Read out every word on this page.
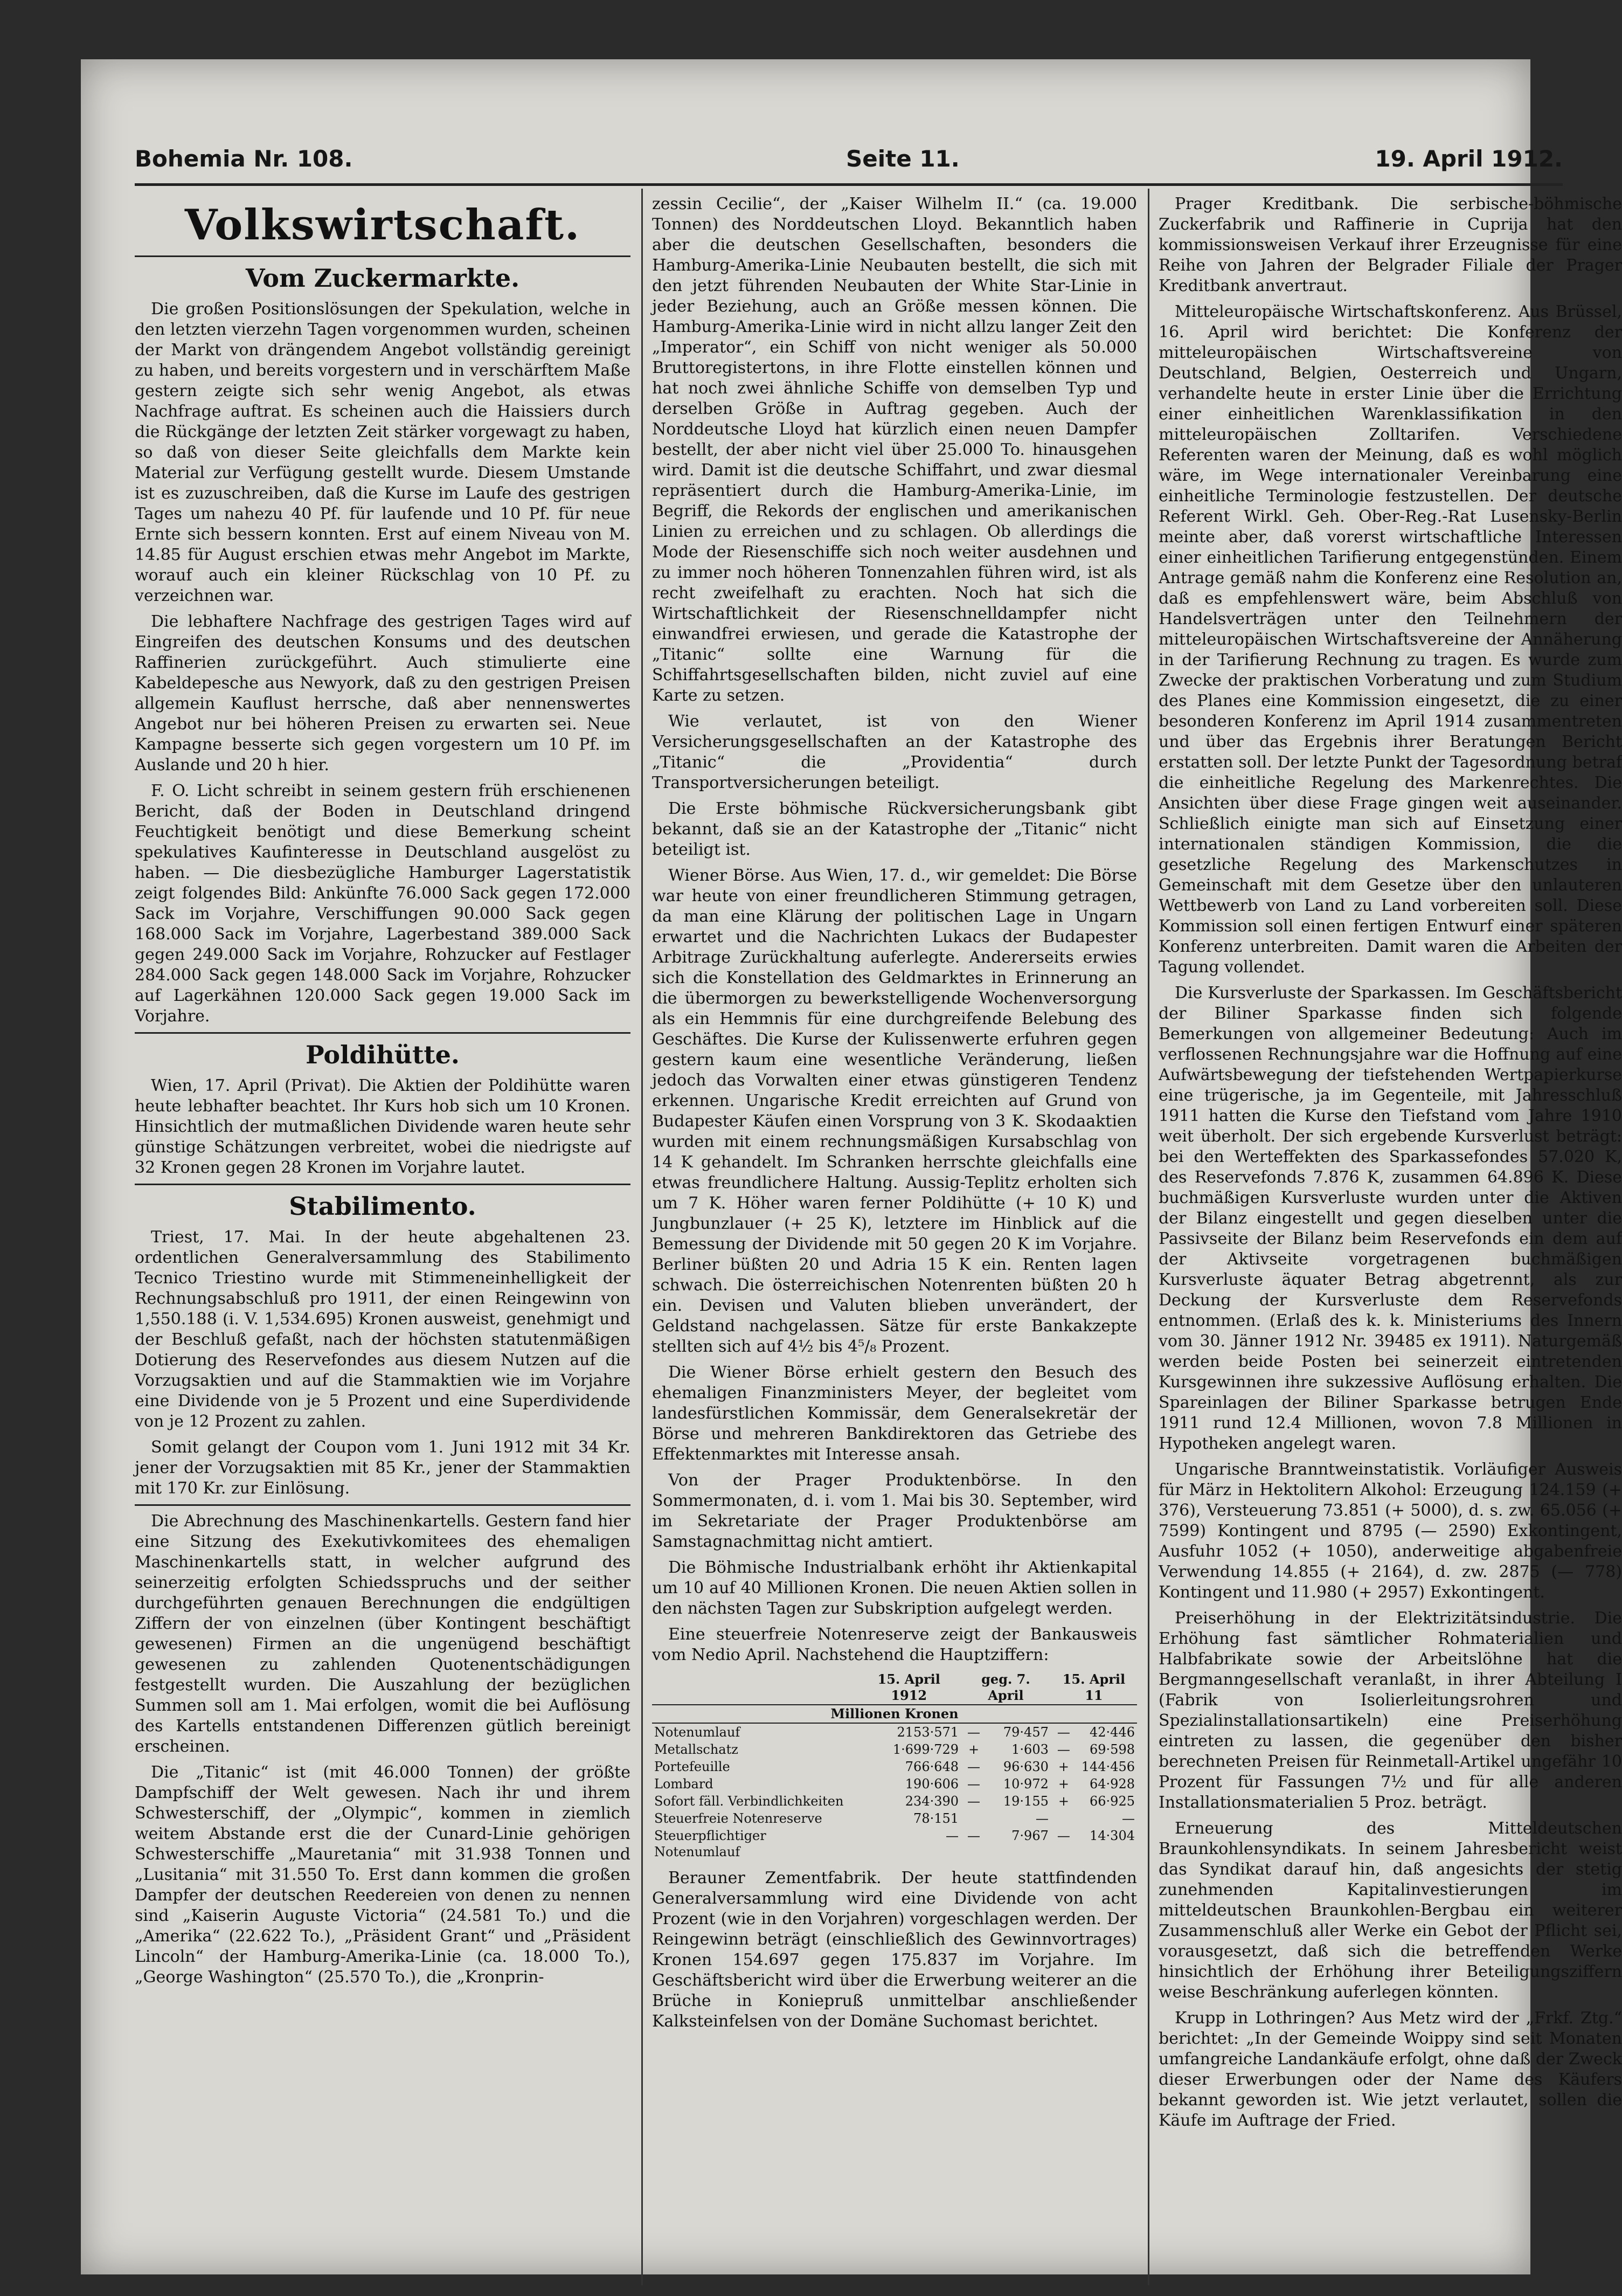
Bohemia Nr. 108.	Seite 11.	19. April 1912.
Volkswirtschaft.
Vom Zuckermarkte.

Die großen Positionslösungen der Spekulation, welche in den letzten vierzehn Tagen vorgenommen wurden, scheinen der Markt von drängendem Angebot vollständig gereinigt zu haben, und bereits vorgestern und in verschärftem Maße gestern zeigte sich sehr wenig Angebot, als etwas Nachfrage auftrat. Es scheinen auch die Haissiers durch die Rückgänge der letzten Zeit stärker vorgewagt zu haben, so daß von dieser Seite gleichfalls dem Markte kein Material zur Verfügung gestellt wurde. Diesem Umstande ist es zuzuschreiben, daß die Kurse im Laufe des gestrigen Tages um nahezu 40 Pf. für laufende und 10 Pf. für neue Ernte sich bessern konnten. Erst auf einem Niveau von M. 14.85 für August erschien etwas mehr Angebot im Markte, worauf auch ein kleiner Rückschlag von 10 Pf. zu verzeichnen war.

Die lebhaftere Nachfrage des gestrigen Tages wird auf Eingreifen des deutschen Konsums und des deutschen Raffinerien zurückgeführt. Auch stimulierte eine Kabeldepesche aus Newyork, daß zu den gestrigen Preisen allgemein Kauflust herrsche, daß aber nennenswertes Angebot nur bei höheren Preisen zu erwarten sei. Neue Kampagne besserte sich gegen vorgestern um 10 Pf. im Auslande und 20 h hier.

F. O. Licht schreibt in seinem gestern früh erschienenen Bericht, daß der Boden in Deutschland dringend Feuchtigkeit benötigt und diese Bemerkung scheint spekulatives Kaufinteresse in Deutschland ausgelöst zu haben. — Die diesbezügliche Hamburger Lagerstatistik zeigt folgendes Bild: Ankünfte 76.000 Sack gegen 172.000 Sack im Vorjahre, Verschiffungen 90.000 Sack gegen 168.000 Sack im Vorjahre, Lagerbestand 389.000 Sack gegen 249.000 Sack im Vorjahre, Rohzucker auf Festlager 284.000 Sack gegen 148.000 Sack im Vorjahre, Rohzucker auf Lagerkähnen 120.000 Sack gegen 19.000 Sack im Vorjahre.

Poldihütte.

Wien, 17. April (Privat). Die Aktien der Poldihütte waren heute lebhafter beachtet. Ihr Kurs hob sich um 10 Kronen. Hinsichtlich der mutmaßlichen Dividende waren heute sehr günstige Schätzungen verbreitet, wobei die niedrigste auf 32 Kronen gegen 28 Kronen im Vorjahre lautet.

Stabilimento.

Triest, 17. Mai. In der heute abgehaltenen 23. ordentlichen Generalversammlung des Stabilimento Tecnico Triestino wurde mit Stimmeneinhelligkeit der Rechnungsabschluß pro 1911, der einen Reingewinn von 1,550.188 (i. V. 1,534.695) Kronen ausweist, genehmigt und der Beschluß gefaßt, nach der höchsten statutenmäßigen Dotierung des Reservefondes aus diesem Nutzen auf die Vorzugsaktien und auf die Stammaktien wie im Vorjahre eine Dividende von je 5 Prozent und eine Superdividende von je 12 Prozent zu zahlen.

Somit gelangt der Coupon vom 1. Juni 1912 mit 34 Kr. jener der Vorzugsaktien mit 85 Kr., jener der Stammaktien mit 170 Kr. zur Einlösung.

Die Abrechnung des Maschinenkartells. Gestern fand hier eine Sitzung des Exekutivkomitees des ehemaligen Maschinenkartells statt, in welcher aufgrund des seinerzeitig erfolgten Schiedsspruchs und der seither durchgeführten genauen Berechnungen die endgültigen Ziffern der von einzelnen (über Kontingent beschäftigt gewesenen) Firmen an die ungenügend beschäftigt gewesenen zu zahlenden Quotenentschädigungen festgestellt wurden. Die Auszahlung der bezüglichen Summen soll am 1. Mai erfolgen, womit die bei Auflösung des Kartells entstandenen Differenzen gütlich bereinigt erscheinen.

Die „Titanic“ ist (mit 46.000 Tonnen) der größte Dampfschiff der Welt gewesen. Nach ihr und ihrem Schwesterschiff, der „Olympic“, kommen in ziemlich weitem Abstande erst die der Cunard-Linie gehörigen Schwesterschiffe „Mauretania“ mit 31.938 Tonnen und „Lusitania“ mit 31.550 To. Erst dann kommen die großen Dampfer der deutschen Reedereien von denen zu nennen sind „Kaiserin Auguste Victoria“ (24.581 To.) und die „Amerika“ (22.622 To.), „Präsident Grant“ und „Präsident Lincoln“ der Hamburg-Amerika-Linie (ca. 18.000 To.), „George Washington“ (25.570 To.), die „Kronprin-

zessin Cecilie“, der „Kaiser Wilhelm II.“ (ca. 19.000 Tonnen) des Norddeutschen Lloyd. Bekanntlich haben aber die deutschen Gesellschaften, besonders die Hamburg-Amerika-Linie Neubauten bestellt, die sich mit den jetzt führenden Neubauten der White Star-Linie in jeder Beziehung, auch an Größe messen können. Die Hamburg-Amerika-Linie wird in nicht allzu langer Zeit den „Imperator“, ein Schiff von nicht weniger als 50.000 Bruttoregistertons, in ihre Flotte einstellen können und hat noch zwei ähnliche Schiffe von demselben Typ und derselben Größe in Auftrag gegeben. Auch der Norddeutsche Lloyd hat kürzlich einen neuen Dampfer bestellt, der aber nicht viel über 25.000 To. hinausgehen wird. Damit ist die deutsche Schiffahrt, und zwar diesmal repräsentiert durch die Hamburg-Amerika-Linie, im Begriff, die Rekords der englischen und amerikanischen Linien zu erreichen und zu schlagen. Ob allerdings die Mode der Riesenschiffe sich noch weiter ausdehnen und zu immer noch höheren Tonnenzahlen führen wird, ist als recht zweifelhaft zu erachten. Noch hat sich die Wirtschaftlichkeit der Riesenschnelldampfer nicht einwandfrei erwiesen, und gerade die Katastrophe der „Titanic“ sollte eine Warnung für die Schiffahrtsgesellschaften bilden, nicht zuviel auf eine Karte zu setzen.

Wie verlautet, ist von den Wiener Versicherungsgesellschaften an der Katastrophe des „Titanic“ die „Providentia“ durch Transportversicherungen beteiligt.

Die Erste böhmische Rückversicherungsbank gibt bekannt, daß sie an der Katastrophe der „Titanic“ nicht beteiligt ist.

Wiener Börse. Aus Wien, 17. d., wir gemeldet: Die Börse war heute von einer freundlicheren Stimmung getragen, da man eine Klärung der politischen Lage in Ungarn erwartet und die Nachrichten Lukacs der Budapester Arbitrage Zurückhaltung auferlegte. Andererseits erwies sich die Konstellation des Geldmarktes in Erinnerung an die übermorgen zu bewerkstelligende Wochenversorgung als ein Hemmnis für eine durchgreifende Belebung des Geschäftes. Die Kurse der Kulissenwerte erfuhren gegen gestern kaum eine wesentliche Veränderung, ließen jedoch das Vorwalten einer etwas günstigeren Tendenz erkennen. Ungarische Kredit erreichten auf Grund von Budapester Käufen einen Vorsprung von 3 K. Skodaaktien wurden mit einem rechnungsmäßigen Kursabschlag von 14 K gehandelt. Im Schranken herrschte gleichfalls eine etwas freundlichere Haltung. Aussig-Teplitz erholten sich um 7 K. Höher waren ferner Poldihütte (+ 10 K) und Jungbunzlauer (+ 25 K), letztere im Hinblick auf die Bemessung der Dividende mit 50 gegen 20 K im Vorjahre. Berliner büßten 20 und Adria 15 K ein. Renten lagen schwach. Die österreichischen Notenrenten büßten 20 h ein. Devisen und Valuten blieben unverändert, der Geldstand nachgelassen. Sätze für erste Bankakzepte stellten sich auf 4½ bis 4⁵/₈ Prozent.

Die Wiener Börse erhielt gestern den Besuch des ehemaligen Finanzministers Meyer, der begleitet vom landesfürstlichen Kommissär, dem Generalsekretär der Börse und mehreren Bankdirektoren das Getriebe des Effektenmarktes mit Interesse ansah.

Von der Prager Produktenbörse. In den Sommermonaten, d. i. vom 1. Mai bis 30. September, wird im Sekretariate der Prager Produktenbörse am Samstagnachmittag nicht amtiert.

Die Böhmische Industrialbank erhöht ihr Aktienkapital um 10 auf 40 Millionen Kronen. Die neuen Aktien sollen in den nächsten Tagen zur Subskription aufgelegt werden.

Eine steuerfreie Notenreserve zeigt der Bankausweis vom Nedio April. Nachstehend die Hauptziffern:

	15. April 1912	geg. 7. April		15. April 11	
Millionen Kronen					
Notenumlauf	2153·571	—	79·457	—	42·446
Metallschatz	1·699·729	+	1·603	—	69·598
Portefeuille	766·648	—	96·630	+	144·456
Lombard	190·606	—	10·972	+	64·928
Sofort fäll. Verbindlichkeiten	234·390	—	19·155	+	66·925
Steuerfreie Notenreserve	78·151		—		—
Steuerpflichtiger Notenumlauf	—	—	7·967	—	14·304

Berauner Zementfabrik. Der heute stattfindenden Generalversammlung wird eine Dividende von acht Prozent (wie in den Vorjahren) vorgeschlagen werden. Der Reingewinn beträgt (einschließlich des Gewinnvortrages) Kronen 154.697 gegen 175.837 im Vorjahre. Im Geschäftsbericht wird über die Erwerbung weiterer an die Brüche in Koniepruß unmittelbar anschließender Kalksteinfelsen von der Domäne Suchomast berichtet.

Prager Kreditbank. Die serbische-böhmische Zuckerfabrik und Raffinerie in Cuprija hat den kommissionsweisen Verkauf ihrer Erzeugnisse für eine Reihe von Jahren der Belgrader Filiale der Prager Kreditbank anvertraut.

Mitteleuropäische Wirtschaftskonferenz. Aus Brüssel, 16. April wird berichtet: Die Konferenz der mitteleuropäischen Wirtschaftsvereine von Deutschland, Belgien, Oesterreich und Ungarn, verhandelte heute in erster Linie über die Errichtung einer einheitlichen Warenklassifikation in den mitteleuropäischen Zolltarifen. Verschiedene Referenten waren der Meinung, daß es wohl möglich wäre, im Wege internationaler Vereinbarung eine einheitliche Terminologie festzustellen. Der deutsche Referent Wirkl. Geh. Ober-Reg.-Rat Lusensky-Berlin meinte aber, daß vorerst wirtschaftliche Interessen einer einheitlichen Tarifierung entgegenstünden. Einem Antrage gemäß nahm die Konferenz eine Resolution an, daß es empfehlenswert wäre, beim Abschluß von Handelsverträgen unter den Teilnehmern der mitteleuropäischen Wirtschaftsvereine der Annäherung in der Tarifierung Rechnung zu tragen. Es wurde zum Zwecke der praktischen Vorberatung und zum Studium des Planes eine Kommission eingesetzt, die zu einer besonderen Konferenz im April 1914 zusammentreten und über das Ergebnis ihrer Beratungen Bericht erstatten soll. Der letzte Punkt der Tagesordnung betraf die einheitliche Regelung des Markenrechtes. Die Ansichten über diese Frage gingen weit auseinander. Schließlich einigte man sich auf Einsetzung einer internationalen ständigen Kommission, die die gesetzliche Regelung des Markenschutzes in Gemeinschaft mit dem Gesetze über den unlauteren Wettbewerb von Land zu Land vorbereiten soll. Diese Kommission soll einen fertigen Entwurf einer späteren Konferenz unterbreiten. Damit waren die Arbeiten der Tagung vollendet.

Die Kursverluste der Sparkassen. Im Geschäftsbericht der Biliner Sparkasse finden sich folgende Bemerkungen von allgemeiner Bedeutung: Auch im verflossenen Rechnungsjahre war die Hoffnung auf eine Aufwärtsbewegung der tiefstehenden Wertpapierkurse eine trügerische, ja im Gegenteile, mit Jahresschluß 1911 hatten die Kurse den Tiefstand vom Jahre 1910 weit überholt. Der sich ergebende Kursverlust beträgt: bei den Werteffekten des Sparkassefondes 57.020 K, des Reservefonds 7.876 K, zusammen 64.896 K. Diese buchmäßigen Kursverluste wurden unter die Aktiven der Bilanz eingestellt und gegen dieselben unter die Passivseite der Bilanz beim Reservefonds ein dem auf der Aktivseite vorgetragenen buchmäßigen Kursverluste äquater Betrag abgetrennt, als zur Deckung der Kursverluste dem Reservefonds entnommen. (Erlaß des k. k. Ministeriums des Innern vom 30. Jänner 1912 Nr. 39485 ex 1911). Naturgemäß werden beide Posten bei seinerzeit eintretenden Kursgewinnen ihre sukzessive Auflösung erhalten. Die Spareinlagen der Biliner Sparkasse betrugen Ende 1911 rund 12.4 Millionen, wovon 7.8 Millionen in Hypotheken angelegt waren.

Ungarische Branntweinstatistik. Vorläufiger Ausweis für März in Hektolitern Alkohol: Erzeugung 124.159 (+ 376), Versteuerung 73.851 (+ 5000), d. s. zw. 65.056 (+ 7599) Kontingent und 8795 (— 2590) Exkontingent, Ausfuhr 1052 (+ 1050), anderweitige abgabenfreie Verwendung 14.855 (+ 2164), d. zw. 2875 (— 778) Kontingent und 11.980 (+ 2957) Exkontingent.

Preiserhöhung in der Elektrizitätsindustrie. Die Erhöhung fast sämtlicher Rohmaterialien und Halbfabrikate sowie der Arbeitslöhne hat die Bergmanngesellschaft veranlaßt, in ihrer Abteilung I (Fabrik von Isolierleitungsrohren und Spezialinstallationsartikeln) eine Preiserhöhung eintreten zu lassen, die gegenüber den bisher berechneten Preisen für Reinmetall-Artikel ungefähr 10 Prozent für Fassungen 7½ und für alle anderen Installationsmaterialien 5 Proz. beträgt.

Erneuerung des Mitteldeutschen Braunkohlensyndikats. In seinem Jahresbericht weist das Syndikat darauf hin, daß angesichts der stetig zunehmenden Kapitalinvestierungen im mitteldeutschen Braunkohlen-Bergbau ein weiterer Zusammenschluß aller Werke ein Gebot der Pflicht sei, vorausgesetzt, daß sich die betreffenden Werke hinsichtlich der Erhöhung ihrer Beteiligungsziffern weise Beschränkung auferlegen könnten.

Krupp in Lothringen? Aus Metz wird der „Frkf. Ztg.“ berichtet: „In der Gemeinde Woippy sind seit Monaten umfangreiche Landankäufe erfolgt, ohne daß der Zweck dieser Erwerbungen oder der Name des Käufers bekannt geworden ist. Wie jetzt verlautet, sollen die Käufe im Auftrage der Fried.
